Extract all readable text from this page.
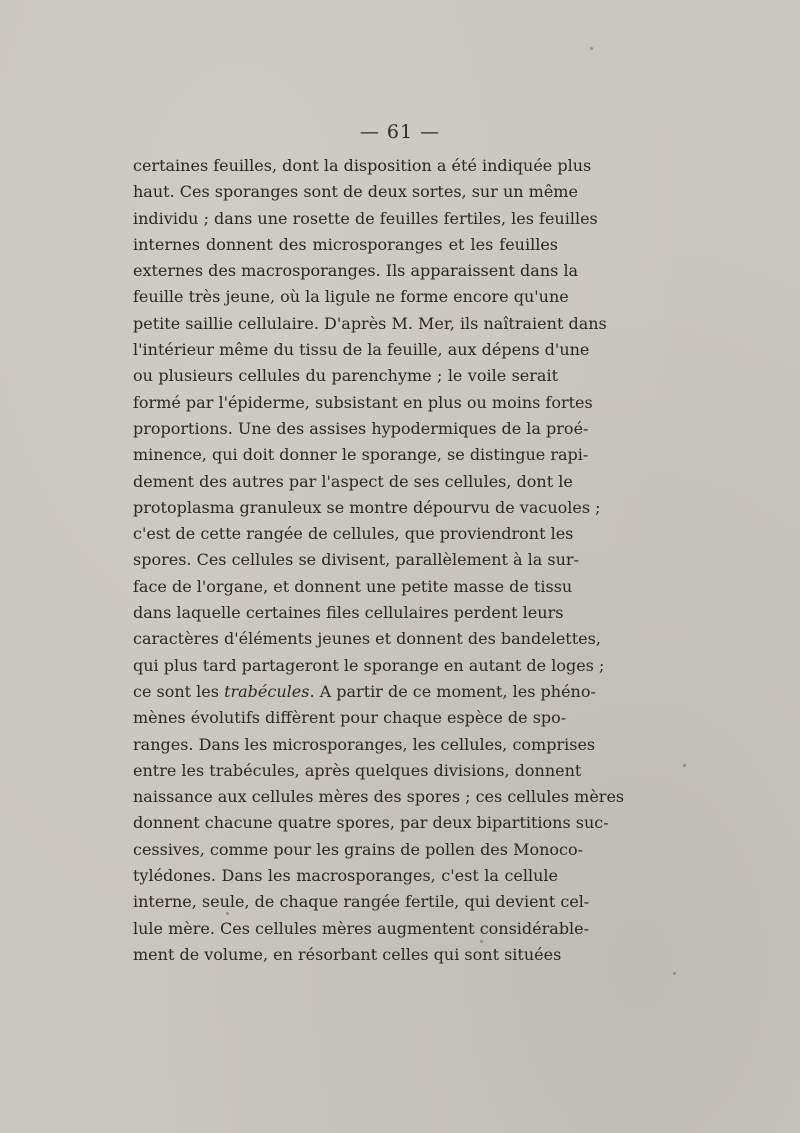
— 61 —
certaines feuilles, dont la disposition a été indiquée plus
haut. Ces sporanges sont de deux sortes, sur un même
individu ; dans une rosette de feuilles fertiles, les feuilles
internes donnent des microsporanges et les feuilles
externes des macrosporanges. Ils apparaissent dans la
feuille très jeune, où la ligule ne forme encore qu'une
petite saillie cellulaire. D'après M. Mer, ils naîtraient dans
l'intérieur même du tissu de la feuille, aux dépens d'une
ou plusieurs cellules du parenchyme ; le voile serait
formé par l'épiderme, subsistant en plus ou moins fortes
proportions. Une des assises hypodermiques de la proé-
minence, qui doit donner le sporange, se distingue rapi-
dement des autres par l'aspect de ses cellules, dont le
protoplasma granuleux se montre dépourvu de vacuoles ;
c'est de cette rangée de cellules, que proviendront les
spores. Ces cellules se divisent, parallèlement à la sur-
face de l'organe, et donnent une petite masse de tissu
dans laquelle certaines files cellulaires perdent leurs
caractères d'éléments jeunes et donnent des bandelettes,
qui plus tard partageront le sporange en autant de loges ;
ce sont les trabécules. A partir de ce moment, les phéno-
mènes évolutifs diffèrent pour chaque espèce de spo-
ranges. Dans les microsporanges, les cellules, comprises
entre les trabécules, après quelques divisions, donnent
naissance aux cellules mères des spores ; ces cellules mères
donnent chacune quatre spores, par deux bipartitions suc-
cessives, comme pour les grains de pollen des Monoco-
tylédones. Dans les macrosporanges, c'est la cellule
interne, seule, de chaque rangée fertile, qui devient cel-
lule mère. Ces cellules mères augmentent considérable-
ment de volume, en résorbant celles qui sont situées
